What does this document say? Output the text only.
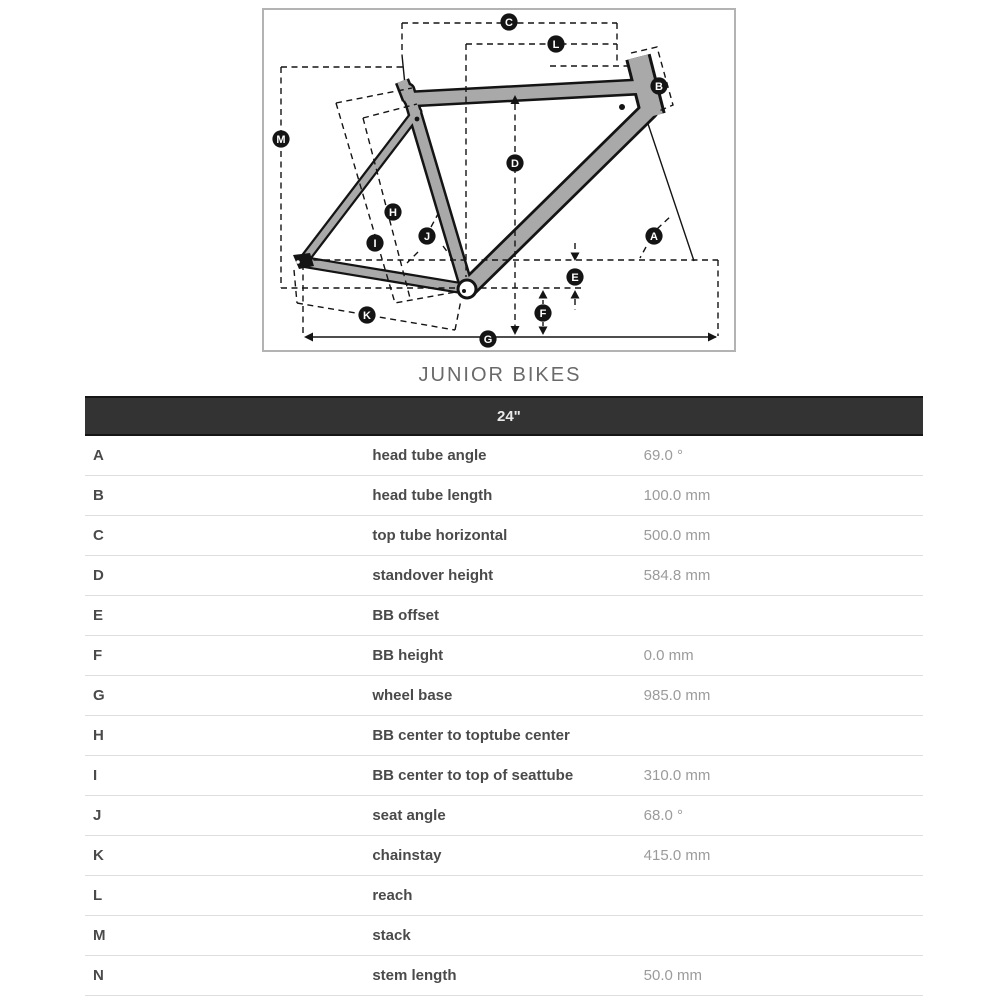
A
B
C
D
E
F
G
H
I
J
K
L
M
JUNIOR BIKES
24"		
A	head tube angle	69.0 °
B	head tube length	100.0 mm
C	top tube horizontal	500.0 mm
D	standover height	584.8 mm
E	BB offset	
F	BB height	0.0 mm
G	wheel base	985.0 mm
H	BB center to toptube center	
I	BB center to top of seattube	310.0 mm
J	seat angle	68.0 °
K	chainstay	415.0 mm
L	reach	
M	stack	
N	stem length	50.0 mm
